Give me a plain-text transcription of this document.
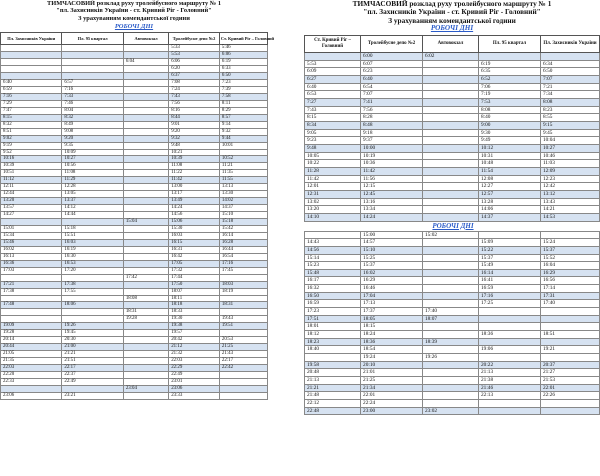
ТИМЧАСОВИЙ розклад руху тролейбусного маршруту № 1
"пл. Захисників України - ст. Кривий Ріг - Головний"
З урахуванням комендантської години
РОБОЧІ ДНІ
Пл. Захисників України	Пл. 95 квартал	Автовокзал	Тролейбусне депо №2	Ст. Кривий Ріг – Головний
			5:33	5:46
			5:53	6:06
		6:04	6:06	6:19
			6:20	6:33
			6:37	6:50
6:40	6:57		7:08	7:23
6:59	7:16		7:24	7:39
7:16	7:33		7:43	7:58
7:29	7:46		7:56	8:11
7:47	8:04		8:16	8:29
8:15	8:32		8:44	8:57
8:32	8:49		9:01	9:14
8:51	9:08		9:20	9:32
9:02	9:20		9:32	9:44
9:19	9:35		9:48	10:01
9:52	10:09		10:21	
10:16	10:27		10:39	10:52
10:39	10:56		11:08	11:21
10:51	11:08		11:22	11:35
11:12	11:29		11:42	11:55
12:11	12:28		13:00	13:13
12:44	13:05		13:17	13:30
13:20	13:37		13:49	14:02
13:57	14:12		14:24	14:37
14:27	14:44		14:56	15:10
		15:04	15:06	15:18
15:01	15:18		15:30	15:42
15:34	15:51		16:03	16:14
15:46	16:03		16:15	16:28
16:02	16:19		16:31	16:44
16:13	16:30		16:42	16:54
16:36	16:53		17:05	17:16
17:03	17:20		17:32	17:45
		17:42	17:44	
17:21	17:38		17:50	18:03
17:38	17:55		18:07	18:19
		18:08	18:11	
17:48	18:06		18:18	18:31
		18:31	18:33	
		19:28	19:30	19:43
19:09	19:26		19:38	19:51
19:28	19:45		19:57	
20:14	20:30		20:42	20:53
20:44	21:00		21:12	21:25
21:05	21:21		21:32	21:43
21:35	21:51		22:03	22:17
22:03	22:17		22:29	22:42
22:20	22:37		22:49	
22:33	22:49		23:01	
		23:04	23:06	
23:06	23:21		23:33	
ТИМЧАСОВИЙ розклад руху тролейбусного маршруту № 1
"пл. Захисників України - ст. Кривий Ріг - Головний"
З урахуванням комендантської години
РОБОЧІ ДНІ
Ст. Кривий Ріг – Головний	Тролейбусне депо №2	Автовокзал	Пл. 95 квартал	Пл. Захисників України
	6:00	6:02		
5:53	6:07		6:19	6:34
6:09	6:23		6:35	6:50
6:27	6:40		6:52	7:07
6:40	6:54		7:06	7:21
6:53	7:07		7:19	7:34
7:27	7:41		7:53	8:08
7:43	7:56		8:08	8:23
8:15	8:28		8:40	8:55
8:34	8:48		9:00	9:15
9:05	9:18		9:30	9:45
9:23	9:37		9:49	10:04
9:48	10:00		10:12	10:27
10:05	10:19		10:31	10:46
10:22	10:36		10:48	11:03
11:28	11:42		11:54	12:09
11:42	11:56		12:08	12:23
12:01	12:15		12:27	12:42
12:31	12:45		12:57	13:12
13:02	13:16		13:28	13:43
13:20	13:34		14:06	14:21
14:10	14:24		14:37	14:53
РОБОЧІ ДНІ				
	15:00	15:02		
14:43	14:57		15:09	15:24
14:56	15:10		15:22	15:37
15:14	15:25		15:37	15:52
15:23	15:37		15:49	16:04
15:48	16:02		16:14	16:29
16:17	16:29		16:41	16:56
16:32	16:46		16:59	17:14
16:50	17:04		17:16	17:31
16:59	17:13		17:25	17:40
17:23	17:37	17:40		
17:51	18:05	18:07		
18:01	18:15			
18:12	18:24		18:36	18:51
18:23	18:36	18:39		
18:40	18:54		19:06	19:21
	19:24	19:26		
19:58	20:10		20:22	20:37
20:48	21:01		21:13	21:27
21:13	21:25		21:38	21:53
21:21	21:34		21:46	22:01
21:48	22:01		22:13	22:26
22:12	22:24			
22:48	23:00	23:02		
